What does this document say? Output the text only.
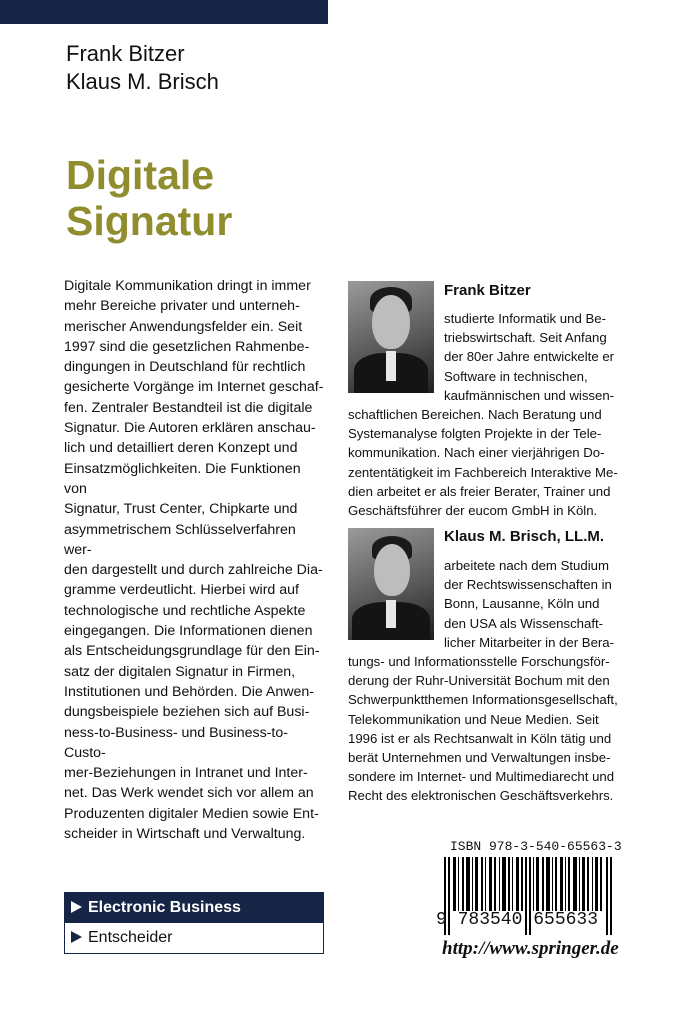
Frank Bitzer
Klaus M. Brisch
Digitale
Signatur

Digitale Kommunikation dringt in immer
mehr Bereiche privater und unterneh-
merischer Anwendungsfelder ein. Seit
1997 sind die gesetzlichen Rahmenbe-
dingungen in Deutschland für rechtlich
gesicherte Vorgänge im Internet geschaf-
fen. Zentraler Bestandteil ist die digitale
Signatur. Die Autoren erklären anschau-
lich und detailliert deren Konzept und
Einsatzmöglichkeiten. Die Funktionen von
Signatur, Trust Center, Chipkarte und
asymmetrischem Schlüsselverfahren wer-
den dargestellt und durch zahlreiche Dia-
gramme verdeutlicht. Hierbei wird auf
technologische und rechtliche Aspekte
eingegangen. Die Informationen dienen
als Entscheidungsgrundlage für den Ein-
satz der digitalen Signatur in Firmen,
Institutionen und Behörden. Die Anwen-
dungsbeispiele beziehen sich auf Busi-
ness-to-Business- und Business-to-Custo-
mer-Beziehungen in Intranet und Inter-
net. Das Werk wendet sich vor allem an
Produzenten digitaler Medien sowie Ent-
scheider in Wirtschaft und Verwaltung.

Frank Bitzer

studierte Informatik und Be-
triebswirtschaft. Seit Anfang
der 80er Jahre entwickelte er
Software in technischen,
kaufmännischen und wissen-

schaftlichen Bereichen. Nach Beratung und
Systemanalyse folgten Projekte in der Tele-
kommunikation. Nach einer vierjährigen Do-
zententätigkeit im Fachbereich Interaktive Me-
dien arbeitet er als freier Berater, Trainer und
Geschäftsführer der eucom GmbH in Köln.

Klaus M. Brisch, LL.M.

arbeitete nach dem Studium
der Rechtswissenschaften in
Bonn, Lausanne, Köln und
den USA als Wissenschaft-
licher Mitarbeiter in der Bera-

tungs- und Informationsstelle Forschungsför-
derung der Ruhr-Universität Bochum mit den
Schwerpunktthemen Informationsgesellschaft,
Telekommunikation und Neue Medien. Seit
1996 ist er als Rechtsanwalt in Köln tätig und
berät Unternehmen und Verwaltungen insbe-
sondere im Internet- und Multimediarecht und
Recht des elektronischen Geschäftsverkehrs.

Electronic Business
Entscheider
ISBN 978-3-540-65563-3
9 783540 655633
http://www.springer.de
